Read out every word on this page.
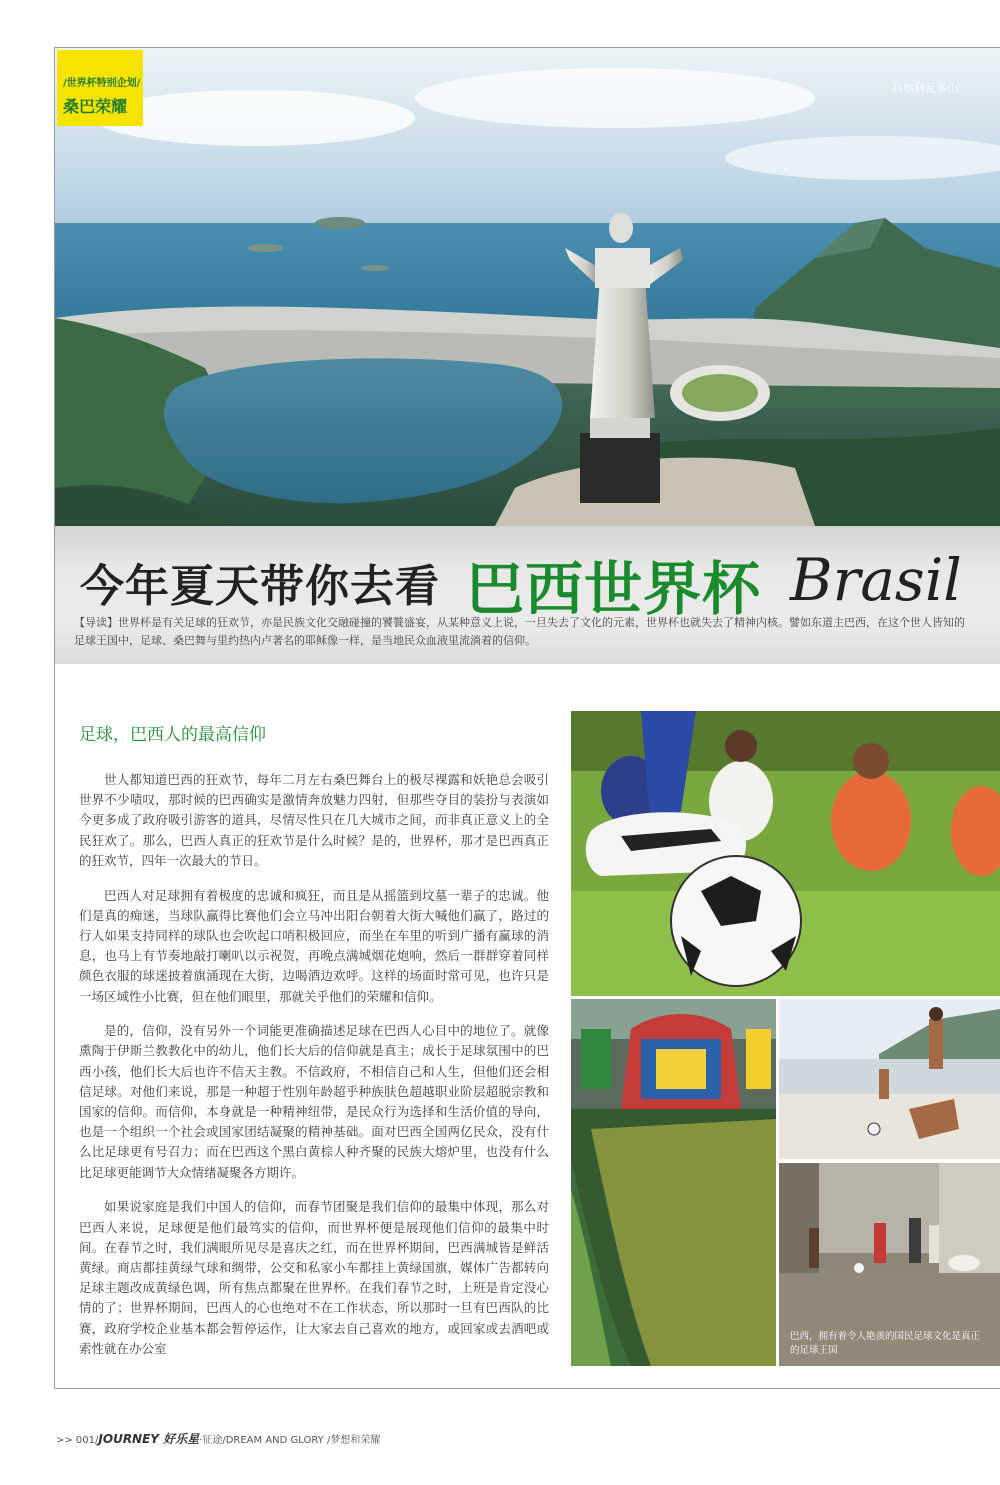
/世界杯特别企划/
桑巴荣耀
科尔科瓦多山
今年夏天带你去看 巴西世界杯 Brasil
【导读】世界杯是有关足球的狂欢节，亦是民族文化交融碰撞的饕餮盛宴，从某种意义上说，一旦失去了文化的元素，世界杯也就失去了精神内核。譬如东道主巴西，在这个世人皆知的足球王国中，足球、桑巴舞与里约热内卢著名的耶稣像一样，是当地民众血液里流淌着的信仰。
足球，巴西人的最高信仰

世人都知道巴西的狂欢节，每年二月左右桑巴舞台上的极尽裸露和妖艳总会吸引世界不少啧叹，那时候的巴西确实是激情奔放魅力四射，但那些夺目的装扮与表演如今更多成了政府吸引游客的道具，尽情尽性只在几大城市之间，而非真正意义上的全民狂欢了。那么，巴西人真正的狂欢节是什么时候？是的，世界杯，那才是巴西真正的狂欢节，四年一次最大的节日。

巴西人对足球拥有着极度的忠诚和疯狂，而且是从摇篮到坟墓一辈子的忠诚。他们是真的痴迷，当球队赢得比赛他们会立马冲出阳台朝着大街大喊他们赢了，路过的行人如果支持同样的球队也会吹起口哨积极回应，而坐在车里的听到广播有赢球的消息，也马上有节奏地敲打喇叭以示祝贺，再晚点满城烟花炮响，然后一群群穿着同样颜色衣服的球迷披着旗涌现在大街，边喝酒边欢呼。这样的场面时常可见，也许只是一场区域性小比赛，但在他们眼里，那就关乎他们的荣耀和信仰。

是的，信仰，没有另外一个词能更准确描述足球在巴西人心目中的地位了。就像熏陶于伊斯兰教教化中的幼儿，他们长大后的信仰就是真主；成长于足球氛围中的巴西小孩，他们长大后也许不信天主教。不信政府，不相信自己和人生，但他们还会相信足球。对他们来说，那是一种超于性别年龄超乎种族肤色超越职业阶层超脱宗教和国家的信仰。而信仰，本身就是一种精神纽带，是民众行为选择和生活价值的导向，也是一个组织一个社会或国家团结凝聚的精神基础。面对巴西全国两亿民众，没有什么比足球更有号召力；而在巴西这个黑白黄棕人种齐聚的民族大熔炉里，也没有什么比足球更能调节大众情绪凝聚各方期许。

如果说家庭是我们中国人的信仰，而春节团聚是我们信仰的最集中体现，那么对巴西人来说，足球便是他们最笃实的信仰，而世界杯便是展现他们信仰的最集中时间。在春节之时，我们满眼所见尽是喜庆之红，而在世界杯期间，巴西满城皆是鲜活黄绿。商店都挂黄绿气球和绸带，公交和私家小车都挂上黄绿国旗，媒体广告都转向足球主题改成黄绿色调，所有焦点都聚在世界杯。在我们春节之时，上班是肯定没心情的了；世界杯期间，巴西人的心也绝对不在工作状态，所以那时一旦有巴西队的比赛，政府学校企业基本都会暂停运作，让大家去自己喜欢的地方，或回家或去酒吧或索性就在办公室

巴西，拥有着令人艳羡的国民足球文化是真正的足球王国
>> 001/JOURNEY 好乐星·征途/DREAM AND GLORY /梦想和荣耀
